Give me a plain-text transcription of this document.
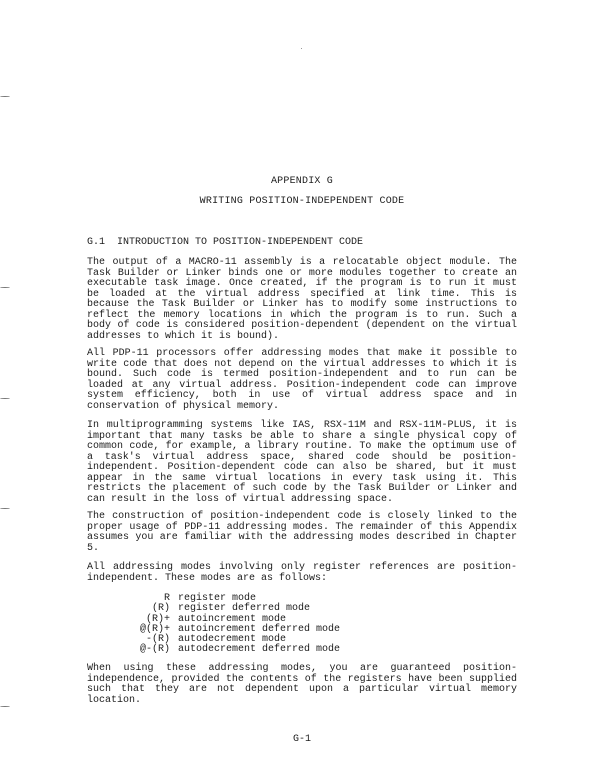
APPENDIX G
WRITING POSITION-INDEPENDENT CODE
G.1  INTRODUCTION TO POSITION-INDEPENDENT CODE

The output of a MACRO-11 assembly is a relocatable object module. The Task Builder or Linker binds one or more modules together to create an executable task image. Once created, if the program is to run it must be loaded at the virtual address specified at link time. This is because the Task Builder or Linker has to modify some instructions to reflect the memory locations in which the program is to run. Such a body of code is considered position-dependent (dependent on the virtual addresses to which it is bound).

All PDP-11 processors offer addressing modes that make it possible to write code that does not depend on the virtual addresses to which it is bound. Such code is termed position-independent and to run can be loaded at any virtual address. Position-independent code can improve system efficiency, both in use of virtual address space and in conservation of physical memory.

In multiprogramming systems like IAS, RSX-11M and RSX-11M-PLUS, it is important that many tasks be able to share a single physical copy of common code, for example, a library routine. To make the optimum use of a task's virtual address space, shared code should be position-independent. Position-dependent code can also be shared, but it must appear in the same virtual locations in every task using it. This restricts the placement of such code by the Task Builder or Linker and can result in the loss of virtual addressing space.

The construction of position-independent code is closely linked to the proper usage of PDP-11 addressing modes. The remainder of this Appendix assumes you are familiar with the addressing modes described in Chapter 5.

All addressing modes involving only register references are position-independent. These modes are as follows:

R register mode
(R) register deferred mode
(R)+ autoincrement mode
@(R)+ autoincrement deferred mode
-(R) autodecrement mode
@-(R) autodecrement deferred mode

When using these addressing modes, you are guaranteed position-independence, provided the contents of the registers have been supplied such that they are not dependent upon a particular virtual memory location.

G-1
